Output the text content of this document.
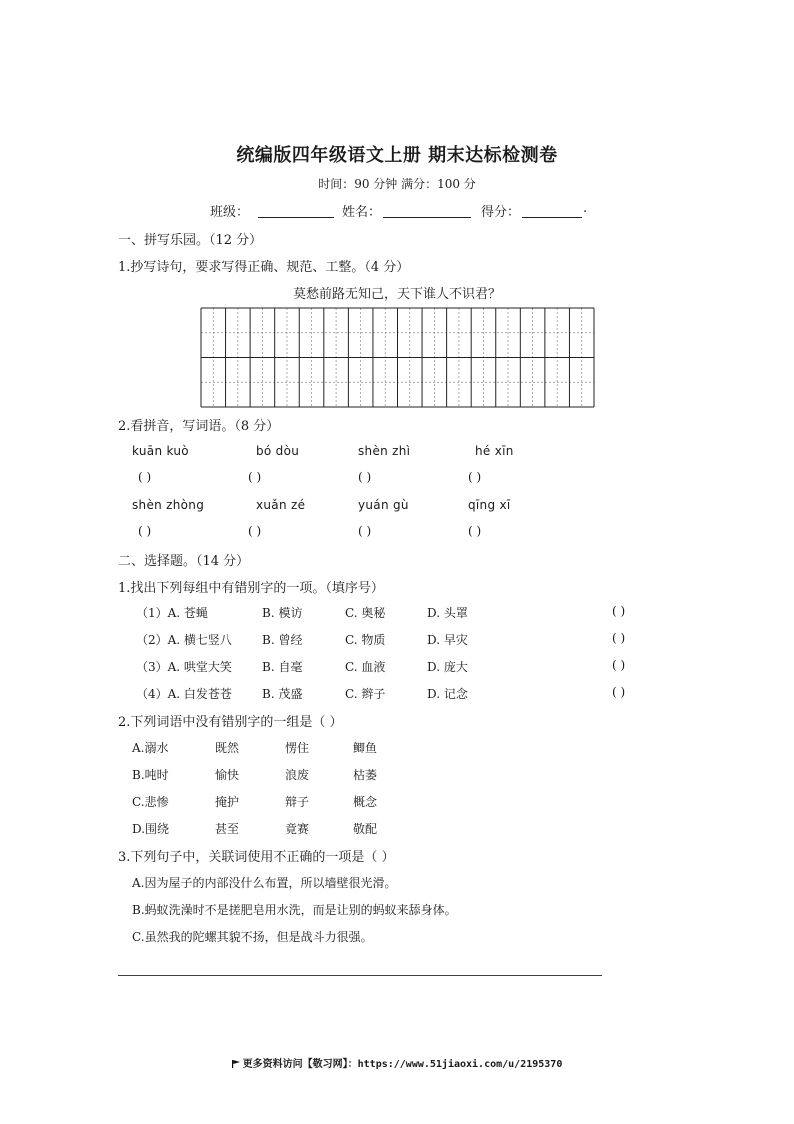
统编版四年级语文上册 期末达标检测卷
时间：90 分钟 满分：100 分
班级：	姓名：	得分：	.
一、拼写乐园。（12 分）
1.抄写诗句，要求写得正确、规范、工整。（4 分）
莫愁前路无知己，天下谁人不识君？
2.看拼音，写词语。（8 分）
kuān kuò	bó dòu	shèn zhì	hé xīn
( )	( )	( )	( )
shèn zhòng	xuǎn zé	yuán gù	qīng xī
( )	( )	( )	( )
二、选择题。（14 分）
1.找出下列每组中有错别字的一项。（填序号）
（1）A. 苍蝇	B. 模访	C. 奥秘	D. 头罩	( )
（2）A. 横七竖八	B. 曾经	C. 物质	D. 早灾	( )
（3）A. 哄堂大笑	B. 自毫	C. 血液	D. 庞大	( )
（4）A. 白发苍苍	B. 茂盛	C. 辫子	D. 记念	( )
2.下列词语中没有错别字的一组是（ ）
A.溺水	既然	愣住	鲫鱼
B.吨时	愉快	浪废	枯萎
C.悲惨	掩护	辩子	概念
D.围绕	甚至	竟赛	敬配
3.下列句子中，关联词使用不正确的一项是（ ）
A.因为屋子的内部没什么布置，所以墙壁很光滑。
B.蚂蚁洗澡时不是搓肥皂用水洗，而是让别的蚂蚁来舔身体。
C.虽然我的陀螺其貌不扬，但是战斗力很强。
更多资料访问【敬习网】：https://www.51jiaoxi.com/u/2195370
